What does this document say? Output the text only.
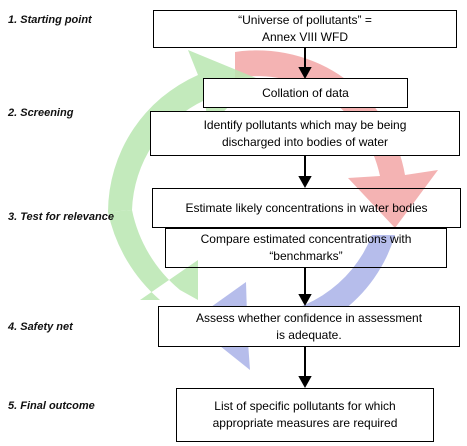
1. Starting point
2. Screening
3. Test for relevance
4. Safety net
5. Final outcome
“Universe of pollutants” =
Annex VIII WFD
Collation of data
Identify pollutants which may be being
discharged into bodies of water
Estimate likely concentrations in water bodies
Compare estimated concentrations with
“benchmarks”
Assess whether confidence in assessment
is adequate.
List of specific pollutants for which
appropriate measures are required
